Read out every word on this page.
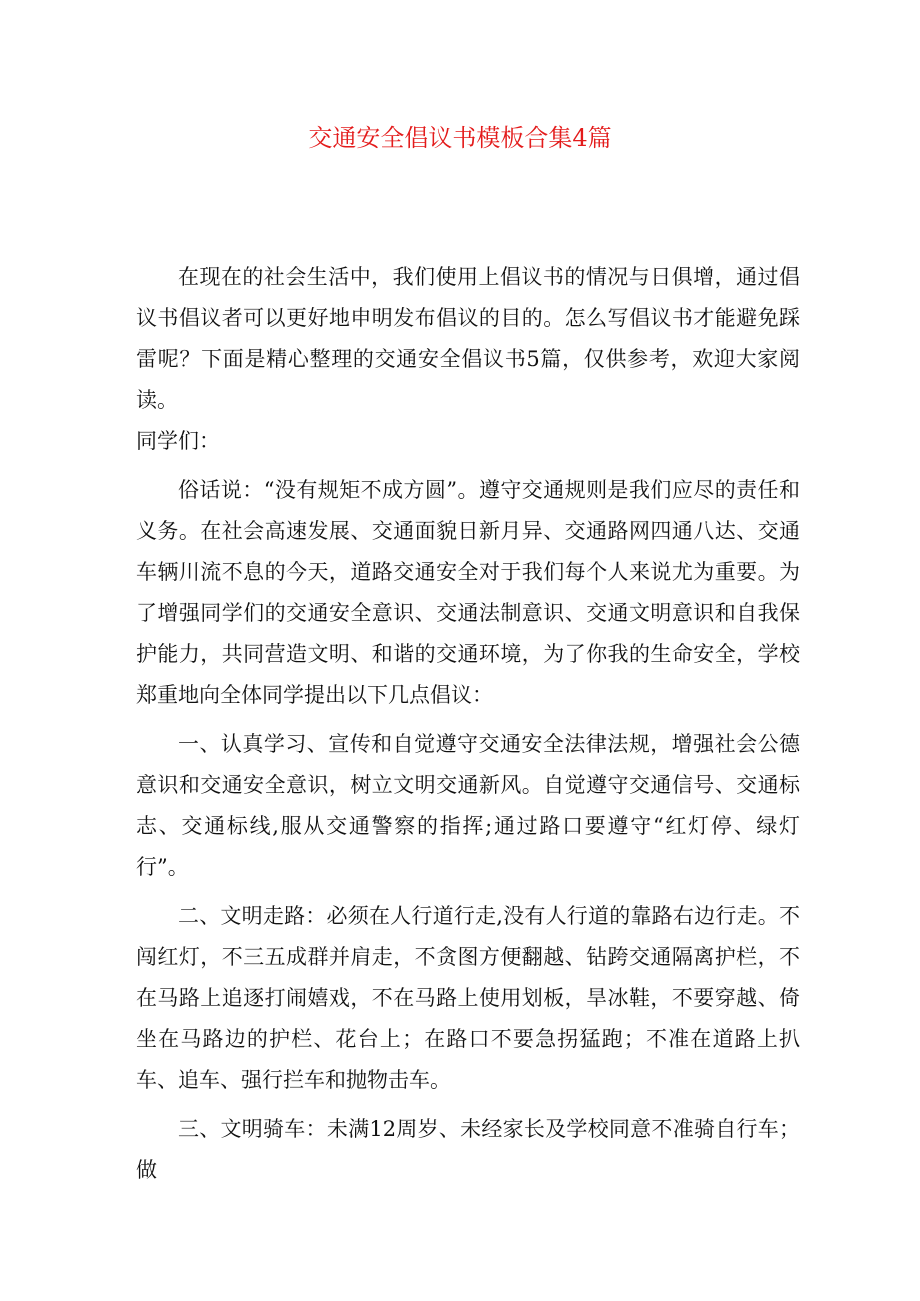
交通安全倡议书模板合集4篇

在现在的社会生活中，我们使用上倡议书的情况与日俱增，通过倡议书倡议者可以更好地申明发布倡议的目的。怎么写倡议书才能避免踩雷呢？下面是精心整理的交通安全倡议书5篇，仅供参考，欢迎大家阅读。

同学们：

俗话说：“没有规矩不成方圆”。遵守交通规则是我们应尽的责任和义务。在社会高速发展、交通面貌日新月异、交通路网四通八达、交通车辆川流不息的今天，道路交通安全对于我们每个人来说尤为重要。为了增强同学们的交通安全意识、交通法制意识、交通文明意识和自我保护能力，共同营造文明、和谐的交通环境，为了你我的生命安全，学校郑重地向全体同学提出以下几点倡议：

一、认真学习、宣传和自觉遵守交通安全法律法规，增强社会公德意识和交通安全意识，树立文明交通新风。自觉遵守交通信号、交通标志、交通标线,服从交通警察的指挥;通过路口要遵守“红灯停、绿灯行”。

二、文明走路：必须在人行道行走,没有人行道的靠路右边行走。不闯红灯，不三五成群并肩走，不贪图方便翻越、钻跨交通隔离护栏，不在马路上追逐打闹嬉戏，不在马路上使用划板，旱冰鞋，不要穿越、倚坐在马路边的护栏、花台上；在路口不要急拐猛跑；不准在道路上扒车、追车、强行拦车和抛物击车。

三、文明骑车：未满12周岁、未经家长及学校同意不准骑自行车；做
